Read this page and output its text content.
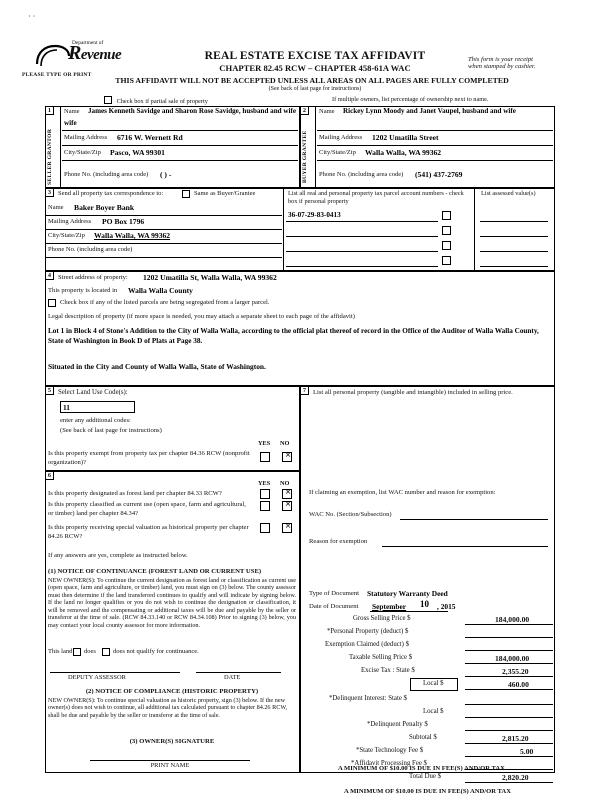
· ·
Department of
Revenue
PLEASE TYPE OR PRINT
REAL ESTATE EXCISE TAX AFFIDAVIT
CHAPTER 82.45 RCW – CHAPTER 458-61A WAC
THIS AFFIDAVIT WILL NOT BE ACCEPTED UNLESS ALL AREAS ON ALL PAGES ARE FULLY COMPLETED
(See back of last page for instructions)
This form is your receipt
when stamped by cashier.
Check box if partial sale of property	If multiple owners, list percentage of ownership next to name.
1	2
SELLER GRANTOR	BUYER GRANTEE
Name James Kenneth Savidge and Sharon Rose Savidge, husband and wife
wife
Mailing Address 6716 W. Wernett Rd
City/State/Zip Pasco, WA 99301
Phone No. (including area code) ( ) -
Name Rickey Lynn Moody and Janet Vaupel, husband and wife
Mailing Address 1202 Umatilla Street
City/State/Zip Walla Walla, WA 99362
Phone No. (including area code) (541) 437-2769
3	Send all property tax correspondence to:	Same as Buyer/Grantee
Name Baker Boyer Bank
Mailing Address PO Box 1796
City/State/Zip Walla Walla, WA 99362
Phone No. (including area code)
List all real and personal property tax parcel account numbers - check box if personal property
36-07-29-83-0413
List assessed value(s)
4	Street address of property: 1202 Umatilla St, Walla Walla, WA 99362
This property is located in Walla Walla County
Check box if any of the listed parcels are being segregated from a larger parcel.
Legal description of property (if more space is needed, you may attach a separate sheet to each page of the affidavit)
Lot 1 in Block 4 of Stone's Addition to the City of Walla Walla, according to the official plat thereof of record in the Office of the Auditor of Walla Walla County, State of Washington in Book D of Plats at Page 38.
Situated in the City and County of Walla Walla, State of Washington.
5	Select Land Use Code(s):
11
enter any additional codes:
(See back of last page for instructions)
YES NO
Is this property exempt from property tax per chapter 84.36 RCW (nonprofit organization)?
×
6
YES NO
Is this property designated as forest land per chapter 84.33 RCW?	×
Is this property classified as current use (open space, farm and agricultural, or timber) land per chapter 84.34?
×
Is this property receiving special valuation as historical property per chapter 84.26 RCW?
×
If any answers are yes, complete as instructed below.
(1) NOTICE OF CONTINUANCE (FOREST LAND OR CURRENT USE)
NEW OWNER(S): To continue the current designation as forest land or classification as current use (open space, farm and agriculture, or timber) land, you must sign on (3) below. The county assessor must then determine if the land transferred continues to qualify and will indicate by signing below. If the land no longer qualifies or you do not wish to continue the designation or classification, it will be removed and the compensating or additional taxes will be due and payable by the seller or transferor at the time of sale. (RCW 84.33.140 or RCW 84.34.108) Prior to signing (3) below, you may contact your local county assessor for more information.
This land does	does not qualify for continuance.
DEPUTY ASSESSOR	DATE
(2) NOTICE OF COMPLIANCE (HISTORIC PROPERTY)
NEW OWNER(S): To continue special valuation as historic property, sign (3) below. If the new owner(s) does not wish to continue, all additional tax calculated pursuant to chapter 84.26 RCW, shall be due and payable by the seller or transferor at the time of sale.
(3) OWNER(S) SIGNATURE
PRINT NAME
7	List all personal property (tangible and intangible) included in selling price.
If claiming an exemption, list WAC number and reason for exemption:
WAC No. (Section/Subsection)
Reason for exemption
Type of Document Statutory Warranty Deed
Date of Document September 10 , 2015
Gross Selling Price $	184,000.00
*Personal Property (deduct) $
Exemption Claimed (deduct) $
Taxable Selling Price $	184,000.00
Excise Tax : State $	2,355.20
Local $	460.00
*Delinquent Interest: State $
Local $
*Delinquent Penalty $
Subtotal $	2,815.20
*State Technology Fee $	5.00
*Affidavit Processing Fee $
Total Due $	2,820.20
A MINIMUM OF $10.00 IS DUE IN FEE(S) AND/OR TAX
A MINIMUM OF $10.00 IS DUE IN FEE(S) AND/OR TAX
